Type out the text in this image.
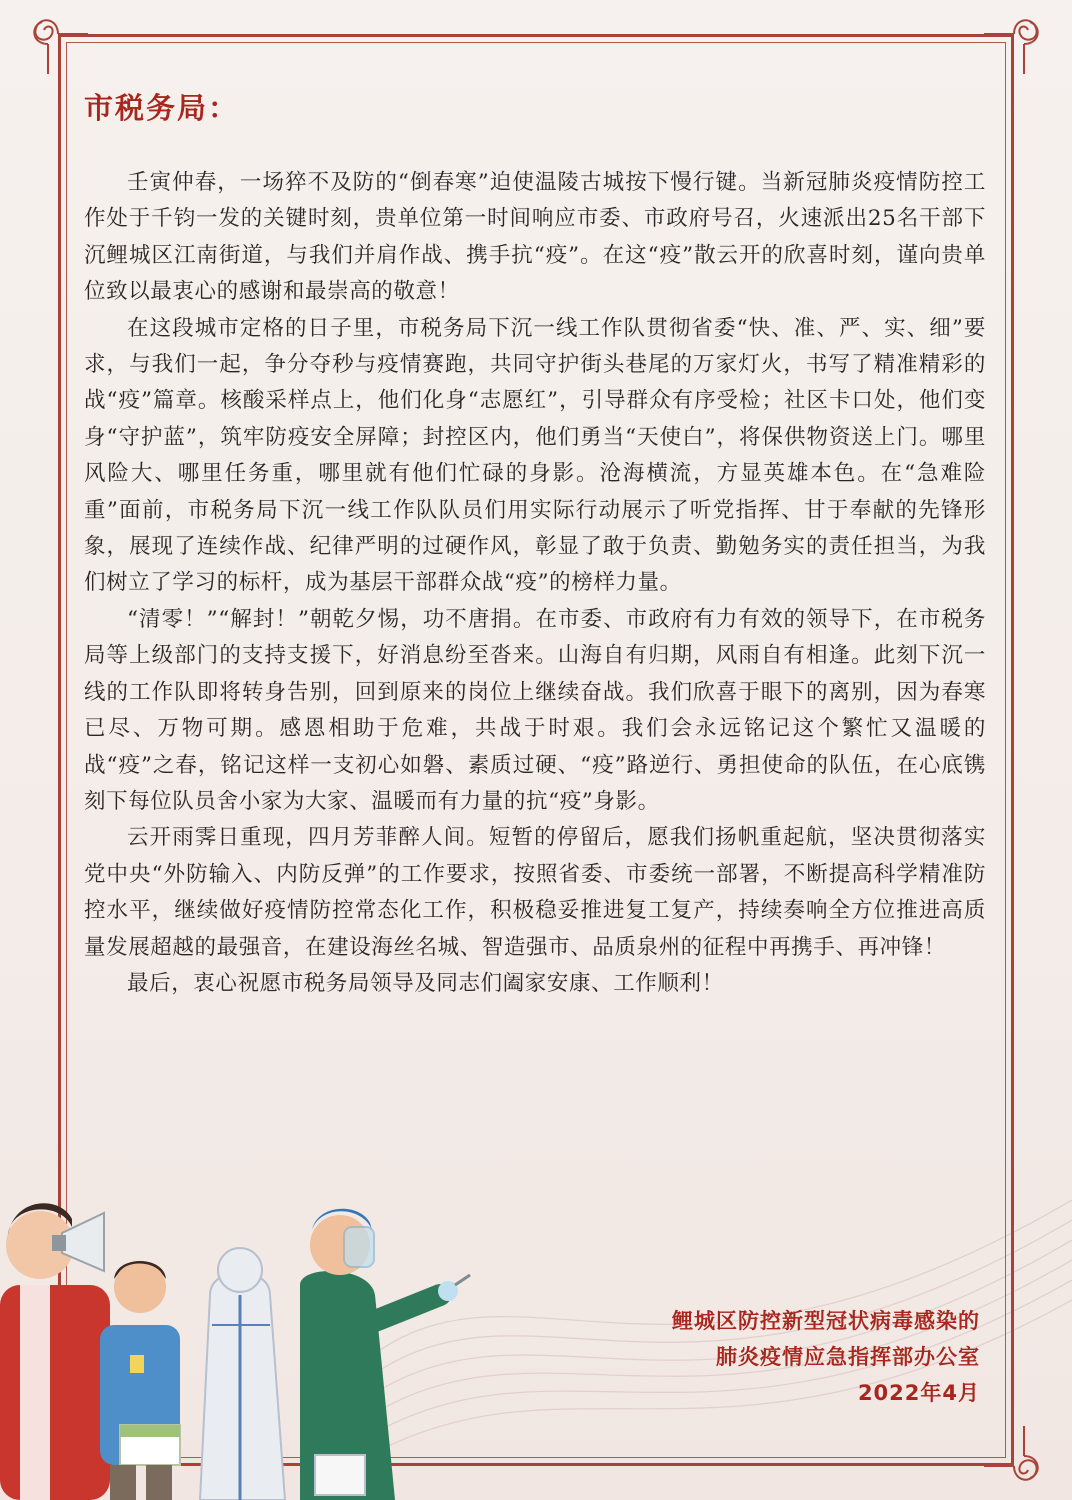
市税务局：

壬寅仲春，一场猝不及防的“倒春寒”迫使温陵古城按下慢行键。当新冠肺炎疫情防控工作处于千钧一发的关键时刻，贵单位第一时间响应市委、市政府号召，火速派出25名干部下沉鲤城区江南街道，与我们并肩作战、携手抗“疫”。在这“疫”散云开的欣喜时刻，谨向贵单位致以最衷心的感谢和最崇高的敬意！

在这段城市定格的日子里，市税务局下沉一线工作队贯彻省委“快、准、严、实、细”要求，与我们一起，争分夺秒与疫情赛跑，共同守护街头巷尾的万家灯火，书写了精准精彩的战“疫”篇章。核酸采样点上，他们化身“志愿红”，引导群众有序受检；社区卡口处，他们变身“守护蓝”，筑牢防疫安全屏障；封控区内，他们勇当“天使白”，将保供物资送上门。哪里风险大、哪里任务重，哪里就有他们忙碌的身影。沧海横流，方显英雄本色。在“急难险重”面前，市税务局下沉一线工作队队员们用实际行动展示了听党指挥、甘于奉献的先锋形象，展现了连续作战、纪律严明的过硬作风，彰显了敢于负责、勤勉务实的责任担当，为我们树立了学习的标杆，成为基层干部群众战“疫”的榜样力量。

“清零！”“解封！”朝乾夕惕，功不唐捐。在市委、市政府有力有效的领导下，在市税务局等上级部门的支持支援下，好消息纷至沓来。山海自有归期，风雨自有相逢。此刻下沉一线的工作队即将转身告别，回到原来的岗位上继续奋战。我们欣喜于眼下的离别，因为春寒已尽、万物可期。感恩相助于危难，共战于时艰。我们会永远铭记这个繁忙又温暖的战“疫”之春，铭记这样一支初心如磐、素质过硬、“疫”路逆行、勇担使命的队伍，在心底镌刻下每位队员舍小家为大家、温暖而有力量的抗“疫”身影。

云开雨霁日重现，四月芳菲醉人间。短暂的停留后，愿我们扬帆重起航，坚决贯彻落实党中央“外防输入、内防反弹”的工作要求，按照省委、市委统一部署，不断提高科学精准防控水平，继续做好疫情防控常态化工作，积极稳妥推进复工复产，持续奏响全方位推进高质量发展超越的最强音，在建设海丝名城、智造强市、品质泉州的征程中再携手、再冲锋！

最后，衷心祝愿市税务局领导及同志们阖家安康、工作顺利！

鲤城区防控新型冠状病毒感染的
肺炎疫情应急指挥部办公室
2022年4月
